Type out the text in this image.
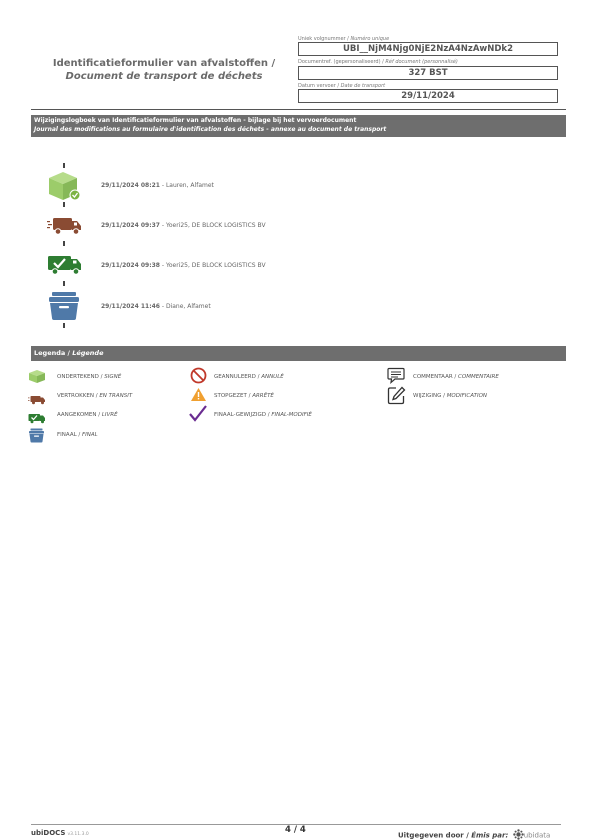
Identificatieformulier van afvalstoffen /
Document de transport de déchets
Uniek volgnummer / Numéro unique
UBI__NjM4Njg0NjE2NzA4NzAwNDk2
Documentref. (gepersonaliseerd) / Réf document (personnalisé)
327 BST
Datum vervoer / Date de transport
29/11/2024
Wijzigingslogboek van Identificatieformulier van afvalstoffen - bijlage bij het vervoerdocument
Journal des modifications au formulaire d'identification des déchets - annexe au document de transport
29/11/2024 08:21 - Lauren, Alfamet
29/11/2024 09:37 - Yoeri25, DE BLOCK LOGISTICS BV
29/11/2024 09:38 - Yoeri25, DE BLOCK LOGISTICS BV
29/11/2024 11:46 - Diane, Alfamet
Legenda / Légende
ONDERTEKEND / SIGNÉ
VERTROKKEN / EN TRANSIT
AANGEKOMEN / LIVRÉ
FINAAL / FINAL
GEANNULEERD / ANNULÉ
STOPGEZET / ARRÊTÉ
FINAAL-GEWIJZIGD / FINAL-MODIFIÉ
COMMENTAAR / COMMENTAIRE
WIJZIGING / MODIFICATION
ubiDOCS v3.11.3.0	4 / 4
Uitgegeven door / Émis par: ubidata
